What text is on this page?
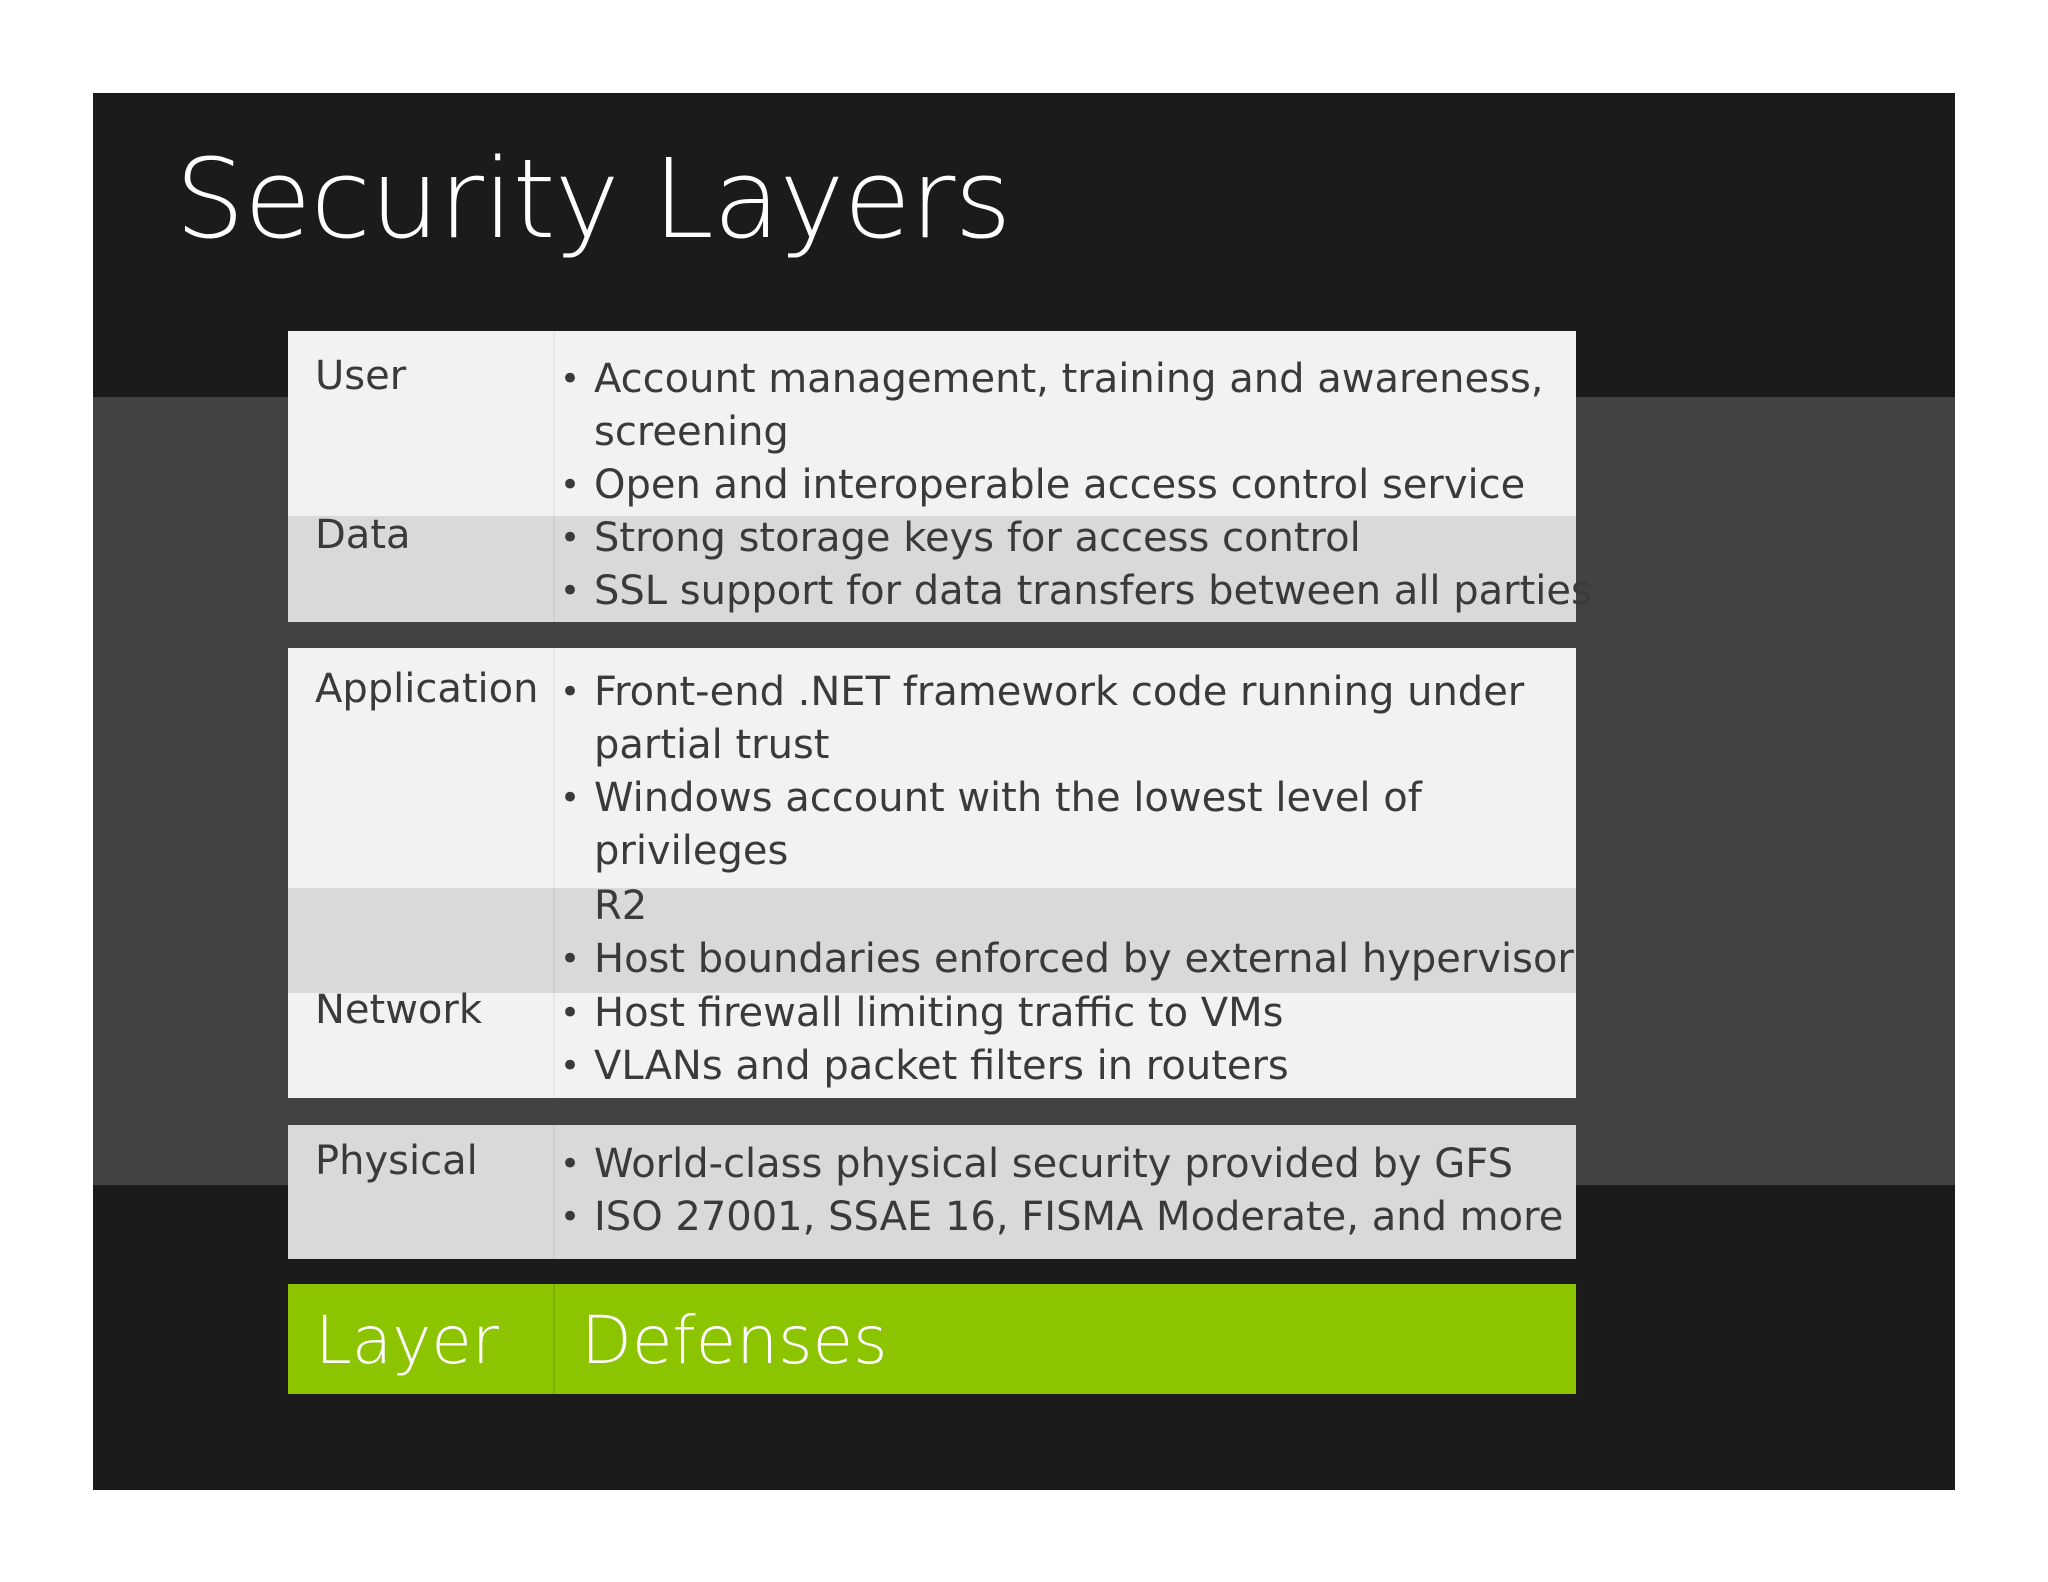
Security Layers
User	• Account management, training and awareness,
screening
• Open and interoperable access control service
Data	• Strong storage keys for access control
• SSL support for data transfers between all parties
Application • Front-end .NET framework code running under
partial trust
• Windows account with the lowest level of
privileges
R2
• Host boundaries enforced by external hypervisor
Network • Host firewall limiting traffic to VMs
• VLANs and packet filters in routers
Physical • World-class physical security provided by GFS
• ISO 27001, SSAE 16, FISMA Moderate, and more
Layer Defenses
